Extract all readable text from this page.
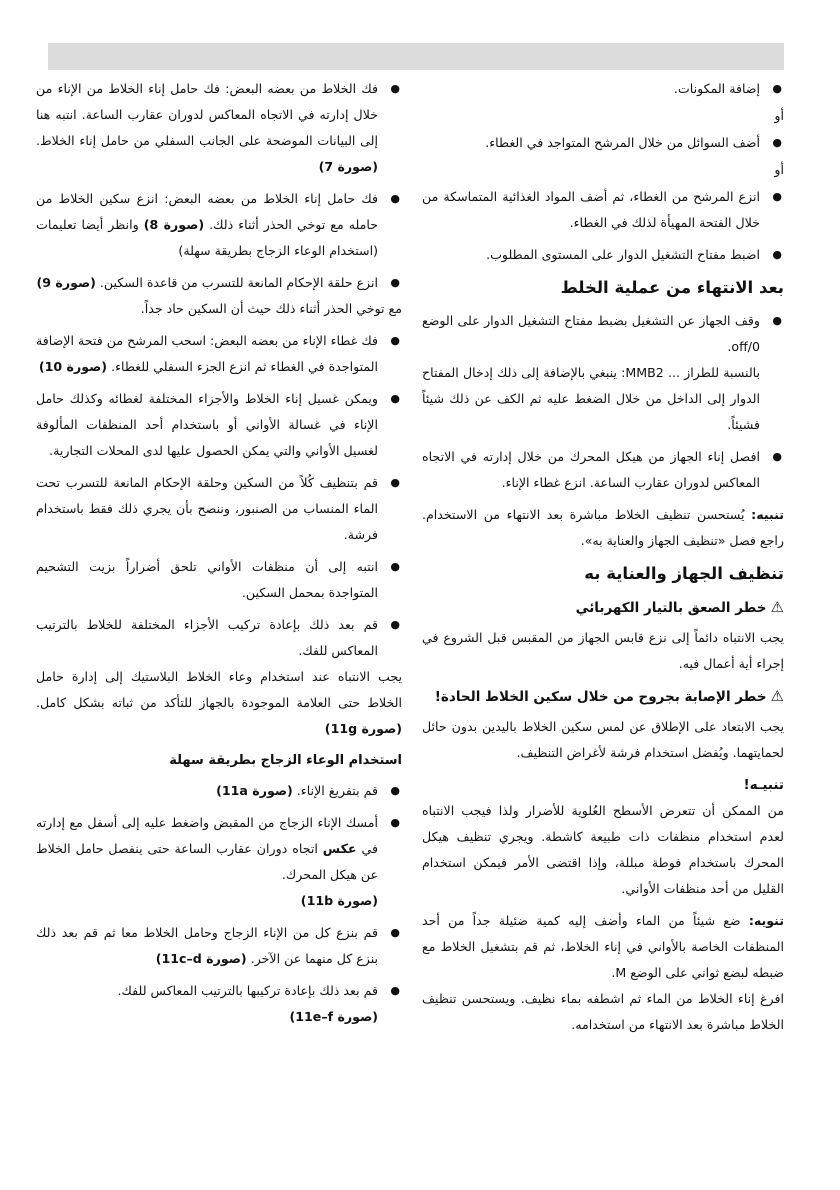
●
إضافة المكونات.
أو
●
أضف السوائل من خلال المرشح المتواجد في الغطاء.
أو
●
انزع المرشح من الغطاء، ثم أضف المواد الغذائية المتماسكة من خلال الفتحة المهيأة لذلك في الغطاء.
●
اضبط مفتاح التشغيل الدوار على المستوى المطلوب.
بعد الانتهاء من عملية الخلط
●
وقف الجهاز عن التشغيل بضبط مفتاح التشغيل الدوار على الوضع off/0.
بالنسبة للطراز ... MMB2: ينبغي بالإضافة إلى ذلك إدخال المفتاح الدوار إلى الداخل من خلال الضغط عليه ثم الكف عن ذلك شيئاً فشيئاً.
●
افصل إناء الجهاز من هيكل المحرك من خلال إدارته في الاتجاه المعاكس لدوران عقارب الساعة. انزع غطاء الإناء.
تنبيه: يُستحسن تنظيف الخلاط مباشرة بعد الانتهاء من الاستخدام. راجع فصل «تنظيف الجهاز والعناية به».
تنظيف الجهاز والعناية به
⚠خطر الصعق بالتيار الكهربائي
يجب الانتباه دائماً إلى نزع قابس الجهاز من المقبس قبل الشروع في إجراء أية أعمال فيه.
⚠خطر الإصابة بجروح من خلال سكين الخلاط الحادة!
يجب الابتعاد على الإطلاق عن لمس سكين الخلاط باليدين بدون حائل لحمايتهما. ويُفضل استخدام فرشة لأغراض التنظيف.
تنبيـه!
من الممكن أن تتعرض الأسطح العُلوية للأضرار ولذا فيجب الانتباه لعدم استخدام منظفات ذات طبيعة كاشطة. ويجري تنظيف هيكل المحرك باستخدام فوطة مبللة، وإذا اقتضى الأمر فيمكن استخدام القليل من أحد منظفات الأواني.
تنويه: ضع شيئاً من الماء وأضف إليه كمية ضئيلة جداً من أحد المنظفات الخاصة بالأواني في إناء الخلاط، ثم قم بتشغيل الخلاط مع ضبطه لبضع ثواني على الوضع M.
افرغ إناء الخلاط من الماء ثم اشطفه بماء نظيف. ويستحسن تنظيف الخلاط مباشرة بعد الانتهاء من استخدامه.
●
فك الخلاط من بعضه البعض: فك حامل إناء الخلاط من الإناء من خلال إدارته في الاتجاه المعاكس لدوران عقارب الساعة. انتبه هنا إلى البيانات الموضحة على الجانب السفلي من حامل إناء الخلاط. (صورة 7)
●
فك حامل إناء الخلاط من بعضه البعض: انزع سكين الخلاط من حامله مع توخي الحذر أثناء ذلك. (صورة 8) وانظر أيضا تعليمات (استخدام الوعاء الزجاج بطريقة سهلة)
●
انزع حلقة الإحكام المانعة للتسرب من قاعدة السكين. (صورة 9)
مع توخي الحذر أثناء ذلك حيث أن السكين حاد جداً.
●
فك غطاء الإناء من بعضه البعض: اسحب المرشح من فتحة الإضافة المتواجدة في الغطاء ثم انزع الجزء السفلي للغطاء. (صورة 10)
●
ويمكن غسيل إناء الخلاط والأجزاء المختلفة لغطائه وكذلك حامل الإناء في غسالة الأواني أو باستخدام أحد المنظفات المألوفة لغسيل الأواني والتي يمكن الحصول عليها لدى المحلات التجارية.
●
قم بتنظيف كُلاً من السكين وحلقة الإحكام المانعة للتسرب تحت الماء المنساب من الصنبور، وننصح بأن يجري ذلك فقط باستخدام فرشة.
●
انتبه إلى أن منظفات الأواني تلحق أضراراً بزيت التشحيم المتواجدة بمحمل السكين.
●
قم بعد ذلك بإعادة تركيب الأجزاء المختلفة للخلاط بالترتيب المعاكس للفك.
يجب الانتباه عند استخدام وعاء الخلاط البلاستيك إلى إدارة حامل الخلاط حتى العلامة الموجودة بالجهاز للتأكد من ثباته بشكل كامل. (صورة 11g)
استخدام الوعاء الزجاج بطريقة سهلة
●
قم بتفريغ الإناء. (صورة 11a)
●
أمسك الإناء الزجاج من المقبض واضغط عليه إلى أسفل مع إدارته في عكس اتجاه دوران عقارب الساعة حتى ينفصل حامل الخلاط عن هيكل المحرك.
(صورة 11b)
●
قم بنزع كل من الإناء الزجاج وحامل الخلاط معا ثم قم بعد ذلك بنزع كل منهما عن الآخر. (صورة 11c–d)
●
قم بعد ذلك بإعادة تركيبها بالترتيب المعاكس للفك.
(صورة 11e–f)
